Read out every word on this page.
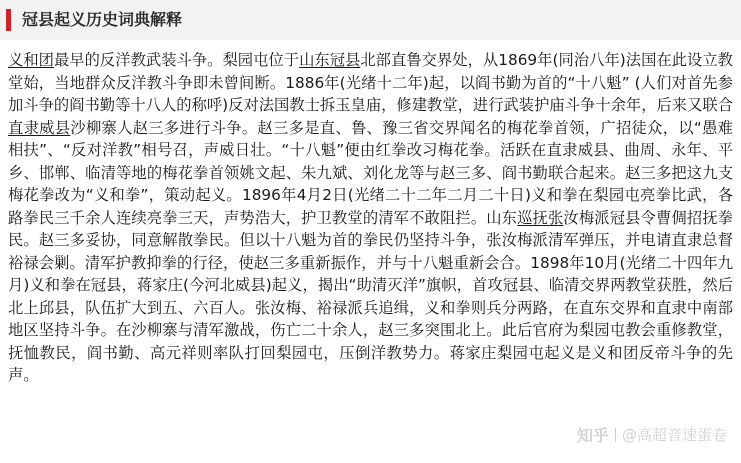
冠县起义历史词典解释

义和团最早的反洋教武装斗争。梨园屯位于山东冠县北部直鲁交界处，从1869年(同治八年)法国在此设立教堂始，当地群众反洋教斗争即未曾间断。1886年(光绪十二年)起，以阎书勤为首的“十八魁” (人们对首先参加斗争的阎书勤等十八人的称呼)反对法国教士拆玉皇庙，修建教堂，进行武装护庙斗争十余年，后来又联合直隶威县沙柳寨人赵三多进行斗争。赵三多是直、鲁、豫三省交界闻名的梅花拳首领，广招徒众，以“愚难相扶”、“反对洋教”相号召，声威日壮。“十八魁”便由红拳改习梅花拳。活跃在直隶威县、曲周、永年、平乡、邯郸、临清等地的梅花拳首领姚文起、朱九斌、刘化龙等与赵三多、阎书勤联合起来。赵三多把这九支梅花拳改为“义和拳”，策动起义。1896年4月2日(光绪二十二年二月二十日)义和拳在梨园屯亮拳比武，各路拳民三千余人连续亮拳三天，声势浩大，护卫教堂的清军不敢阻拦。山东巡抚张汝梅派冠县令曹倜招抚拳民。赵三多妥协，同意解散拳民。但以十八魁为首的拳民仍坚持斗争，张汝梅派清军弹压，并电请直隶总督裕禄会剿。清军护教抑拳的行径，使赵三多重新振作，并与十八魁重新会合。1898年10月(光绪二十四年九月)义和拳在冠县，蒋家庄(今河北威县)起义，揭出“助清灭洋”旗帜，首攻冠县、临清交界两教堂获胜，然后北上邱县，队伍扩大到五、六百人。张汝梅、裕禄派兵追缉，义和拳则兵分两路，在直东交界和直隶中南部地区坚持斗争。在沙柳寨与清军激战，伤亡二十余人，赵三多突围北上。此后官府为梨园屯教会重修教堂，抚恤教民，阎书勤、高元祥则率队打回梨园屯，压倒洋教势力。蒋家庄梨园屯起义是义和团反帝斗争的先声。

知乎 @高超音速蛋卷
